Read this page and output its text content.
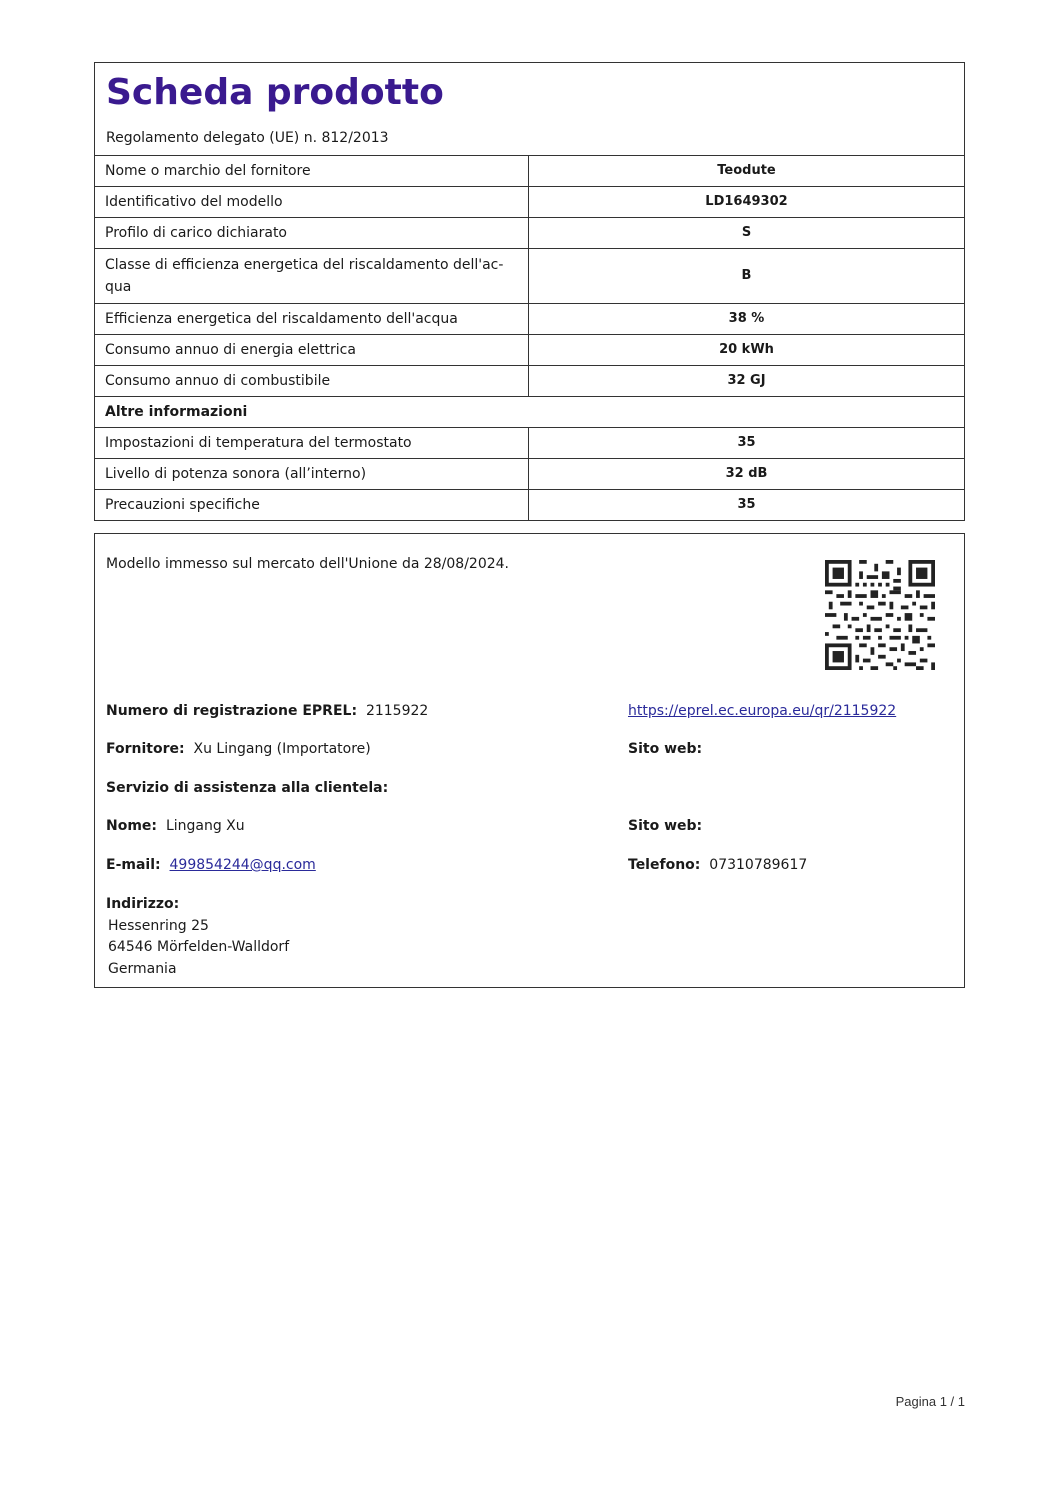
Scheda prodotto
Regolamento delegato (UE) n. 812/2013
Nome o marchio del fornitore	Teodute
Identificativo del modello	LD1649302
Profilo di carico dichiarato	S
Classe di efficienza energetica del riscaldamento dell'ac-qua	B
Efficienza energetica del riscaldamento dell'acqua	38 %
Consumo annuo di energia elettrica	20 kWh
Consumo annuo di combustibile	32 GJ
Altre informazioni	
Impostazioni di temperatura del termostato	35
Livello di potenza sonora (all’interno)	32 dB
Precauzioni specifiche	35
Modello immesso sul mercato dell'Unione da 28/08/2024.
Numero di registrazione EPREL: 2115922	https://eprel.ec.europa.eu/qr/2115922
Fornitore: Xu Lingang (Importatore)	Sito web:
Servizio di assistenza alla clientela:
Nome: Lingang Xu	Sito web:
E-mail: 499854244@qq.com	Telefono: 07310789617
Indirizzo:
Hessenring 25
64546 Mörfelden-Walldorf
Germania
Pagina 1 / 1
